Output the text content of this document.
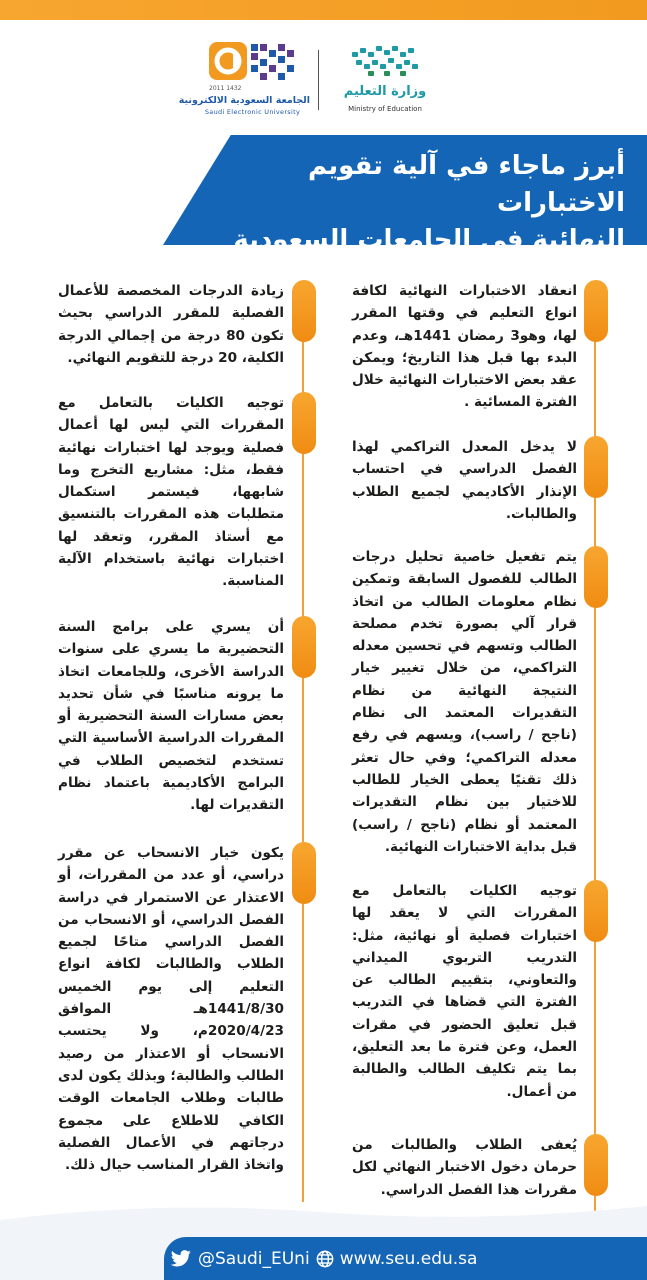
2011 1432
الجامعة السعودية الالكترونية
Saudi Electronic University
وزارة التعليم
Ministry of Education
أبرز ماجاء في آلية تقويم الاختبارات
النهائية في الجامعات السعودية

انعقاد الاختبارات النهائية لكافة انواع التعليم في وقتها المقرر لها، وهو3 رمضان 1441هـ، وعدم البدء بها قبل هذا التاريخ؛ ويمكن عقد بعض الاختبارات النهائية خلال الفترة المسائية .

لا يدخل المعدل التراكمي لهذا الفصل الدراسي في احتساب الإنذار الأكاديمي لجميع الطلاب والطالبات.

يتم تفعيل خاصية تحليل درجات الطالب للفصول السابقة وتمكين نظام معلومات الطالب من اتخاذ قرار آلي بصورة تخدم مصلحة الطالب وتسهم في تحسين معدله التراكمي، من خلال تغيير خيار النتيجة النهائية من نظام التقديرات المعتمد الى نظام (ناجح / راسب)، ويسهم في رفع معدله التراكمي؛ وفي حال تعثر ذلك تقنيًا يعطى الخيار للطالب للاختيار بين نظام التقديرات المعتمد أو نظام (ناجح / راسب) قبل بداية الاختبارات النهائية.

توجيه الكليات بالتعامل مع المقررات التي لا يعقد لها اختبارات فصلية أو نهائية، مثل: التدريب التربوي الميداني والتعاوني، بتقييم الطالب عن الفترة التي قضاها في التدريب قبل تعليق الحضور في مقرات العمل، وعن فترة ما بعد التعليق، بما يتم تكليف الطالب والطالبة من أعمال.

يُعفى الطلاب والطالبات من حرمان دخول الاختبار النهائي لكل مقررات هذا الفصل الدراسي.

زيادة الدرجات المخصصة للأعمال الفصلية للمقرر الدراسي بحيث تكون 80 درجة من إجمالي الدرجة الكلية، 20 درجة للتقويم النهائي.

توجيه الكليات بالتعامل مع المقررات التي ليس لها أعمال فصلية ويوجد لها اختبارات نهائية فقط، مثل: مشاريع التخرج وما شابهها، فيستمر استكمال متطلبات هذه المقررات بالتنسيق مع أستاذ المقرر، وتعقد لها اختبارات نهائية باستخدام الآلية المناسبة.

أن يسري على برامج السنة التحضيرية ما يسري على سنوات الدراسة الأخرى، وللجامعات اتخاذ ما يرونه مناسبًا في شأن تحديد بعض مسارات السنة التحضيرية أو المقررات الدراسية الأساسية التي تستخدم لتخصيص الطلاب في البرامج الأكاديمية باعتماد نظام التقديرات لها.

يكون خيار الانسحاب عن مقرر دراسي، أو عدد من المقررات، أو الاعتذار عن الاستمرار في دراسة الفصل الدراسي، أو الانسحاب من الفصل الدراسي متاحًا لجميع الطلاب والطالبات لكافة انواع التعليم إلى يوم الخميس 1441/8/30هـ الموافق 2020/4/23م، ولا يحتسب الانسحاب أو الاعتذار من رصيد الطالب والطالبة؛ وبذلك يكون لدى طالبات وطلاب الجامعات الوقت الكافي للاطلاع على مجموع درجاتهم في الأعمال الفصلية واتخاذ القرار المناسب حيال ذلك.

@Saudi_EUni www.seu.edu.sa
